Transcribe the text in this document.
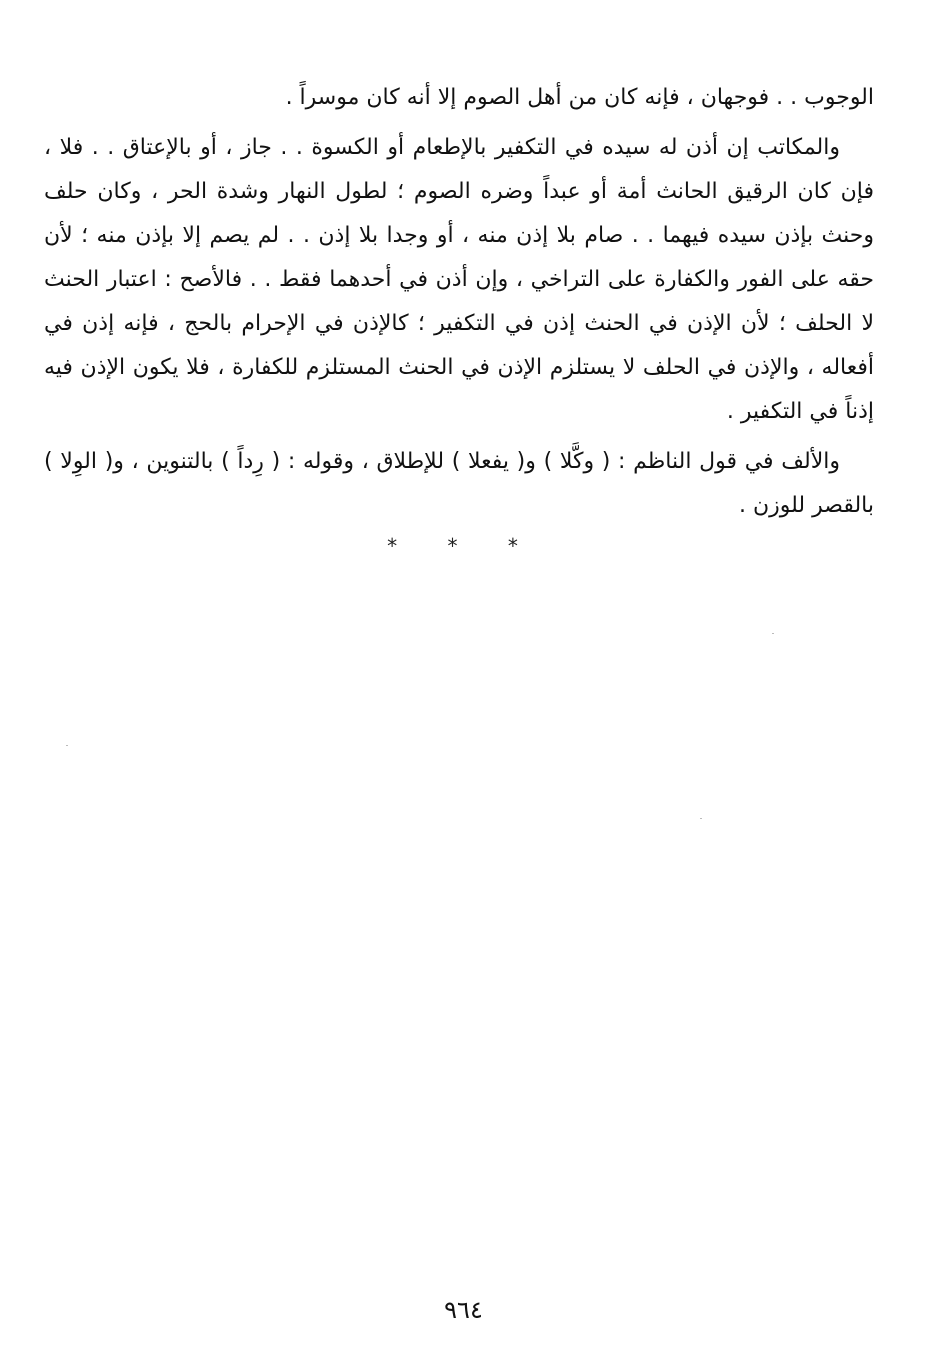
الوجوب . . فوجهان ، فإنه كان من أهل الصوم إلا أنه كان موسراً .

والمكاتب إن أذن له سيده في التكفير بالإطعام أو الكسوة . . جاز ، أو بالإعتاق . . فلا ، فإن كان الرقيق الحانث أمة أو عبداً وضره الصوم ؛ لطول النهار وشدة الحر ، وكان حلف وحنث بإذن سيده فيهما . . صام بلا إذن منه ، أو وجدا بلا إذن . . لم يصم إلا بإذن منه ؛ لأن حقه على الفور والكفارة على التراخي ، وإن أذن في أحدهما فقط . . فالأصح : اعتبار الحنث لا الحلف ؛ لأن الإذن في الحنث إذن في التكفير ؛ كالإذن في الإحرام بالحج ، فإنه إذن في أفعاله ، والإذن في الحلف لا يستلزم الإذن في الحنث المستلزم للكفارة ، فلا يكون الإذن فيه إذناً في التكفير .

والألف في قول الناظم : ( وكَّلا ) و( يفعلا ) للإطلاق ، وقوله : ( رِداً ) بالتنوين ، و( الوِلا ) بالقصر للوزن .

* * *
٩٦٤
